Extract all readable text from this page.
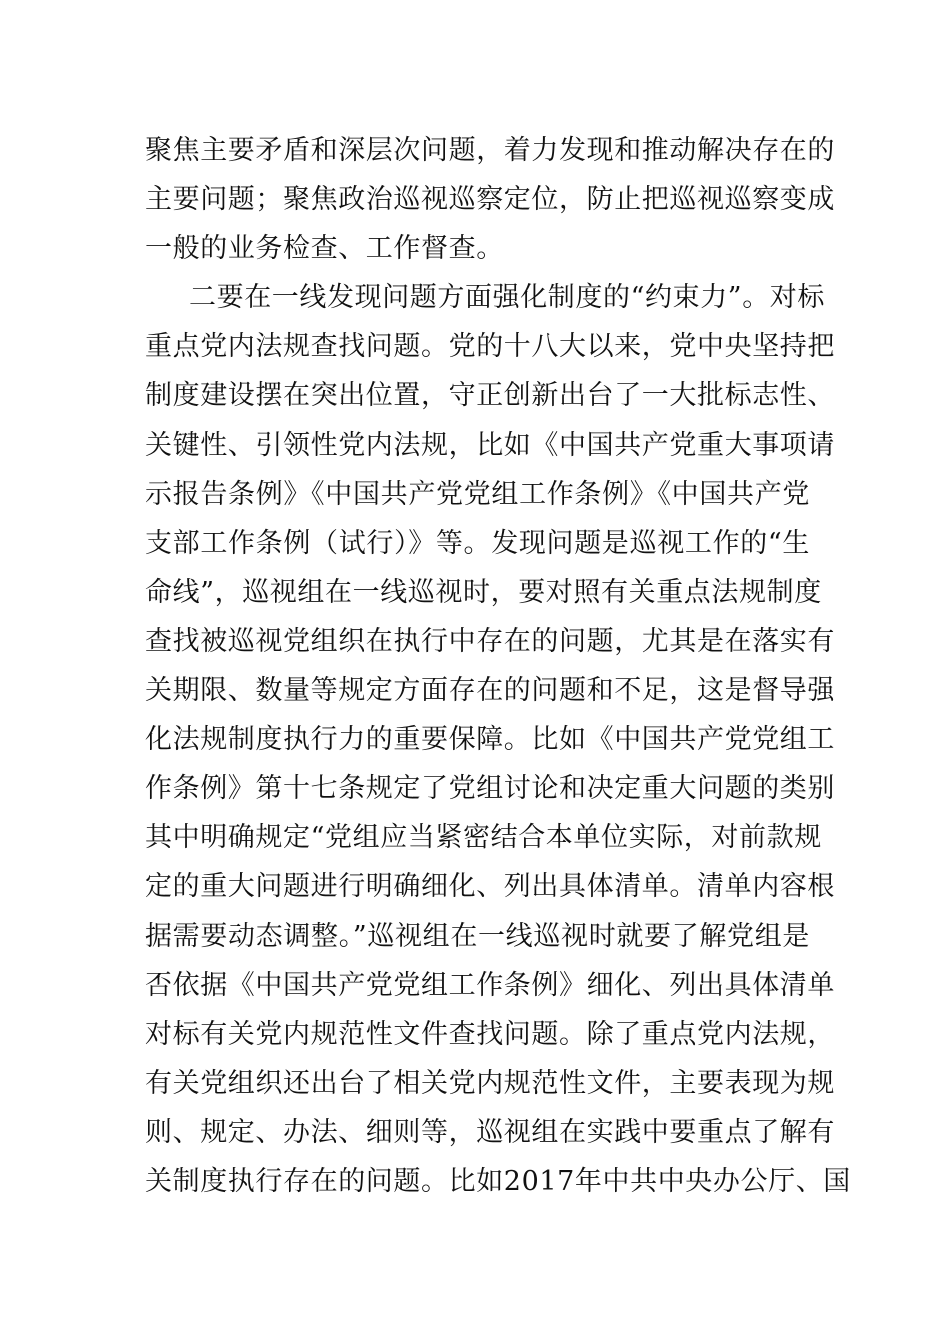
聚焦主要矛盾和深层次问题，着力发现和推动解决存在的
主要问题；聚焦政治巡视巡察定位，防止把巡视巡察变成
一般的业务检查、工作督查。
二要在一线发现问题方面强化制度的“约束力”。对标
重点党内法规查找问题。党的十八大以来，党中央坚持把
制度建设摆在突出位置，守正创新出台了一大批标志性、
关键性、引领性党内法规，比如《中国共产党重大事项请
示报告条例》《中国共产党党组工作条例》《中国共产党
支部工作条例（试行）》等。发现问题是巡视工作的“生
命线”，巡视组在一线巡视时，要对照有关重点法规制度
查找被巡视党组织在执行中存在的问题，尤其是在落实有
关期限、数量等规定方面存在的问题和不足，这是督导强
化法规制度执行力的重要保障。比如《中国共产党党组工
作条例》第十七条规定了党组讨论和决定重大问题的类别
其中明确规定“党组应当紧密结合本单位实际，对前款规
定的重大问题进行明确细化、列出具体清单。清单内容根
据需要动态调整。”巡视组在一线巡视时就要了解党组是
否依据《中国共产党党组工作条例》细化、列出具体清单
对标有关党内规范性文件查找问题。除了重点党内法规，
有关党组织还出台了相关党内规范性文件，主要表现为规
则、规定、办法、细则等，巡视组在实践中要重点了解有
关制度执行存在的问题。比如2017年中共中央办公厅、国
